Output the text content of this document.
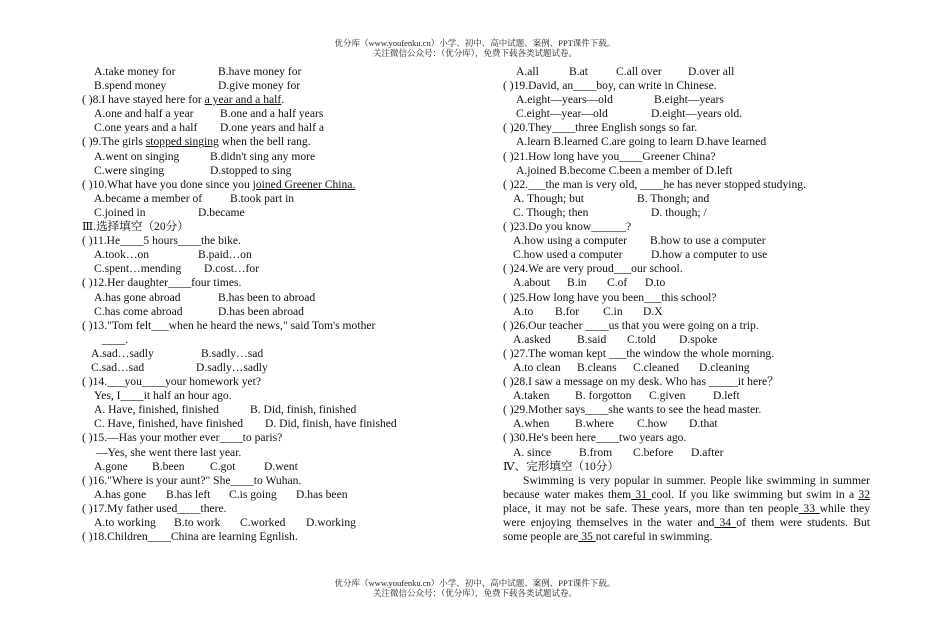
优分库（www.youfenku.cn）小学、初中、高中试题、案例、PPT课件下载。
关注微信公众号：（优分库），免费下载各类试题试卷。
A.take money for	B.have money for
B.spend money	D.give money for
( )8.I have stayed here for a year and a half.
A.one and half a year B.one and a half years
C.one years and a half D.one years and half a
( )9.The girls stopped singing when the bell rang.
A.went on singing	B.didn't sing any more
C.were singing	D.stopped to sing
( )10.What have you done since you joined Greener China.
A.became a member of B.took part in
C.joined in	D.became
Ⅲ.选择填空（20分）
( )11.He____5 hours____the bike.
A.took…on	B.paid…on
C.spent…mending D.cost…for
( )12.Her daughter____four times.
A.has gone abroad	B.has been to abroad
C.has come abroad	D.has been abroad
( )13."Tom felt___when he heard the news," said Tom's mother
____.
A.sad…sadly	B.sadly…sad
C.sad…sad	D.sadly…sadly
( )14.___you____your homework yet?
Yes, I____it half an hour ago.
A. Have, finished, finished	B. Did, finish, finished
C. Have, finished, have finished D. Did, finish, have finished
( )15.—Has your mother ever____to paris?
—Yes, she went there last year.
A.gone B.been C.got D.went
( )16."Where is your aunt?" She____to Wuhan.
A.has gone B.has left C.is going D.has been
( )17.My father used____there.
A.to working B.to work C.worked D.working
( )18.Children____China are learning Egnlish.
A.all	B.at C.all over D.over all
( )19.David, an____boy, can write in Chinese.
A.eight—years—old	B.eight—years
C.eight—year—old	D.eight—years old.
( )20.They____three English songs so far.
A.learn B.learned C.are going to learn D.have learned
( )21.How long have you____Greener China?
A.joined B.become C.been a member of D.left
( )22.___the man is very old, ____he has never stopped studying.
A. Though; but	B. Thongh; and
C. Though; then	D. though; /
( )23.Do you know______?
A.how using a computer B.how to use a computer
C.how used a computer D.how a computer to use
( )24.We are very proud___our school.
A.about B.in C.of D.to
( )25.How long have you been___this school?
A.to B.for C.in D.X
( )26.Our teacher ____us that you were going on a trip.
A.asked B.said C.told D.spoke
( )27.The woman kept ___the window the whole morning.
A.to clean B.cleans C.cleaned D.cleaning
( )28.I saw a message on my desk. Who has _____it here？
A.taken B. forgotton C.given D.left
( )29.Mother says____she wants to see the head master.
A.when B.where C.how D.that
( )30.He's been here____two years ago.
A. since B.from C.before D.after
Ⅳ、完形填空（10分）
Swimming is very popular in summer. People like swimming in summer because water makes them 31 cool. If you like swimming but swim in a 32 place, it may not be safe. These years, more than ten people 33 while they were enjoying themselves in the water and 34 of them were students. But some people are 35 not careful in swimming.
优分库（www.youfenku.cn）小学、初中、高中试题、案例、PPT课件下载。
关注微信公众号：（优分库），免费下载各类试题试卷。
